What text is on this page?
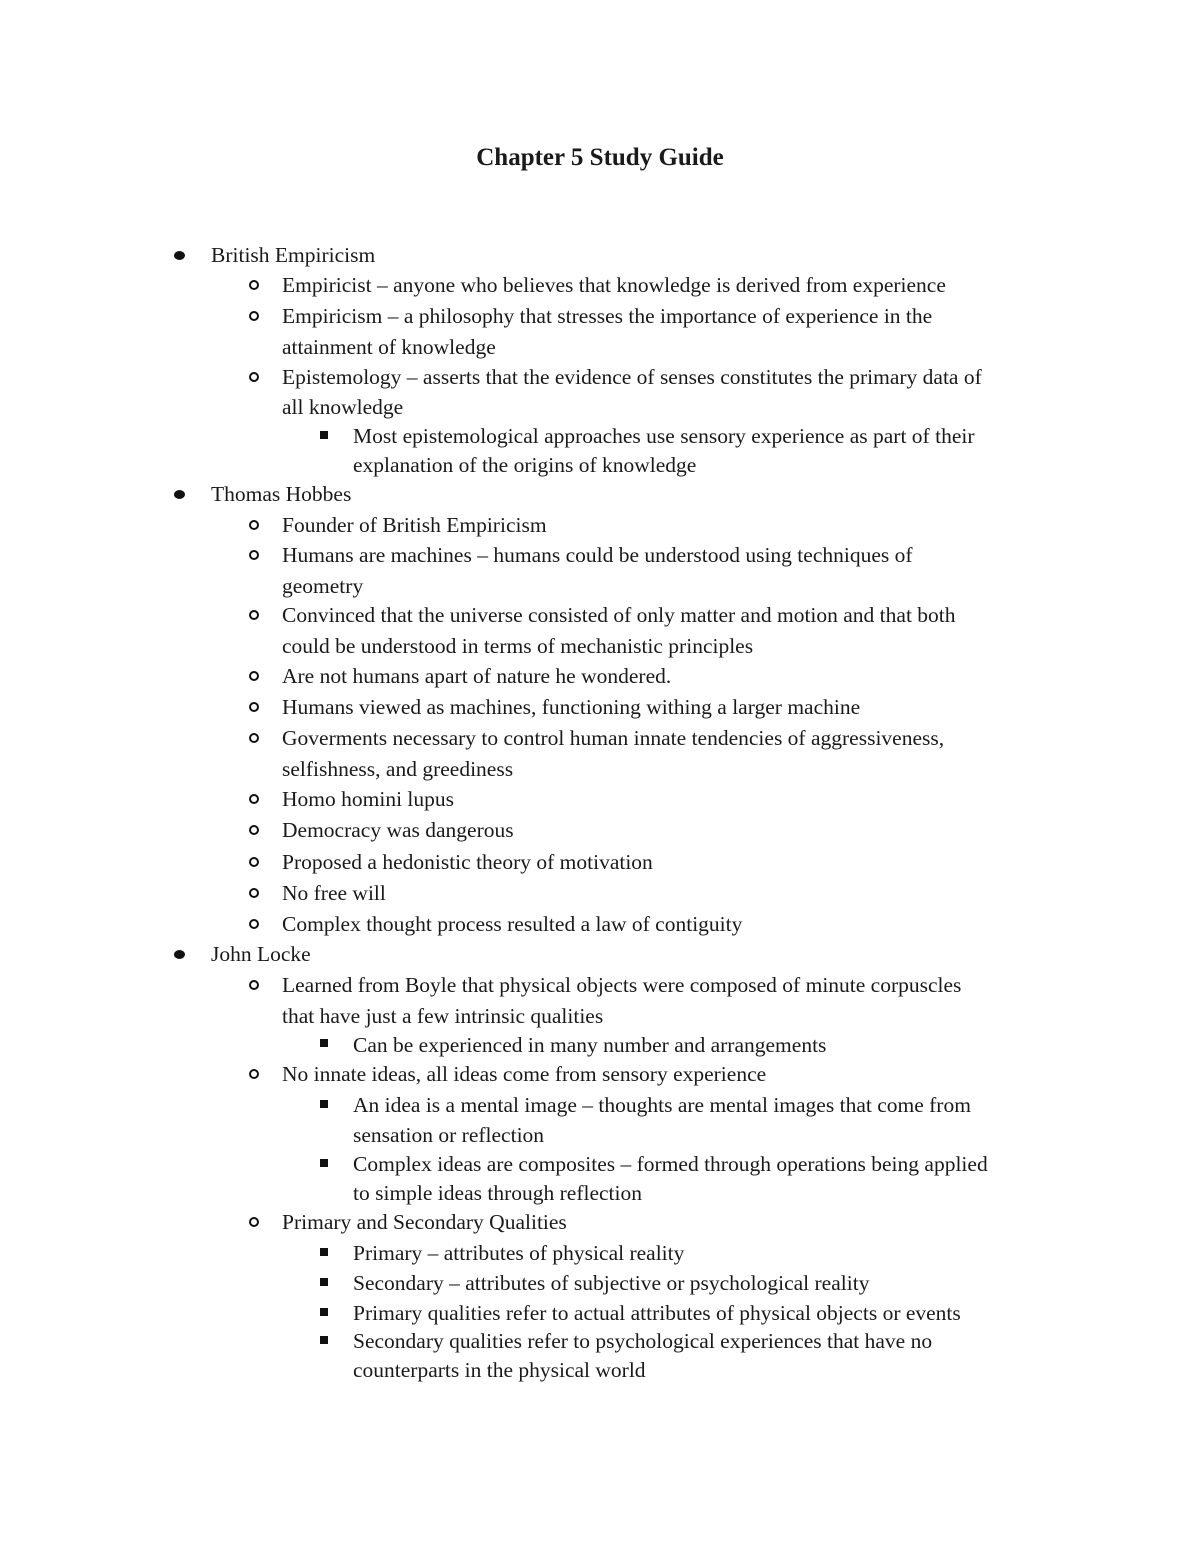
Chapter 5 Study Guide
British Empiricism
Empiricist – anyone who believes that knowledge is derived from experience
Empiricism – a philosophy that stresses the importance of experience in the
attainment of knowledge
Epistemology – asserts that the evidence of senses constitutes the primary data of
all knowledge
Most epistemological approaches use sensory experience as part of their
explanation of the origins of knowledge
Thomas Hobbes
Founder of British Empiricism
Humans are machines – humans could be understood using techniques of
geometry
Convinced that the universe consisted of only matter and motion and that both
could be understood in terms of mechanistic principles
Are not humans apart of nature he wondered.
Humans viewed as machines, functioning withing a larger machine
Goverments necessary to control human innate tendencies of aggressiveness,
selfishness, and greediness
Homo homini lupus
Democracy was dangerous
Proposed a hedonistic theory of motivation
No free will
Complex thought process resulted a law of contiguity
John Locke
Learned from Boyle that physical objects were composed of minute corpuscles
that have just a few intrinsic qualities
Can be experienced in many number and arrangements
No innate ideas, all ideas come from sensory experience
An idea is a mental image – thoughts are mental images that come from
sensation or reflection
Complex ideas are composites – formed through operations being applied
to simple ideas through reflection
Primary and Secondary Qualities
Primary – attributes of physical reality
Secondary – attributes of subjective or psychological reality
Primary qualities refer to actual attributes of physical objects or events
Secondary qualities refer to psychological experiences that have no
counterparts in the physical world
